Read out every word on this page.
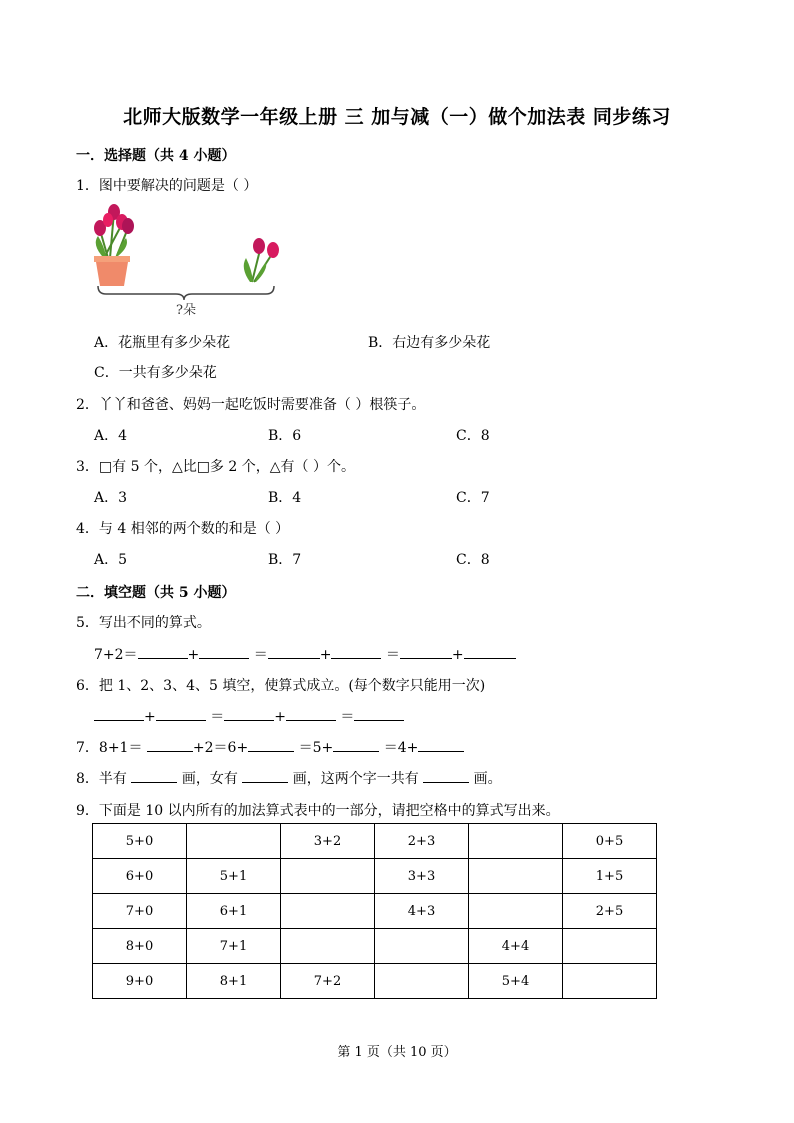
北师大版数学一年级上册 三 加与减（一）做个加法表 同步练习
一．选择题（共 4 小题）
1．图中要解决的问题是（ ）
?朵
A．花瓶里有多少朵花	B．右边有多少朵花
C．一共有多少朵花
2．丫丫和爸爸、妈妈一起吃饭时需要准备（ ）根筷子。
A．4	B．6	C．8
3．□有 5 个，△比□多 2 个，△有（ ）个。
A．3	B．4	C．7
4．与 4 相邻的两个数的和是（ ）
A．5	B．7	C．8
二．填空题（共 5 小题）
5．写出不同的算式。
7+2＝	+	＝	+	＝	+
6．把 1、2、3、4、5 填空，使算式成立。(每个数字只能用一次)
+	＝	+	＝
7．8+1＝	+2＝6+	＝5+	＝4+
8．半有	画，女有	画，这两个字一共有	画。
9．下面是 10 以内所有的加法算式表中的一部分，请把空格中的算式写出来。
5+0		3+2	2+3		0+5
6+0	5+1		3+3		1+5
7+0	6+1		4+3		2+5
8+0	7+1			4+4	
9+0	8+1	7+2		5+4	
第 1 页（共 10 页）
